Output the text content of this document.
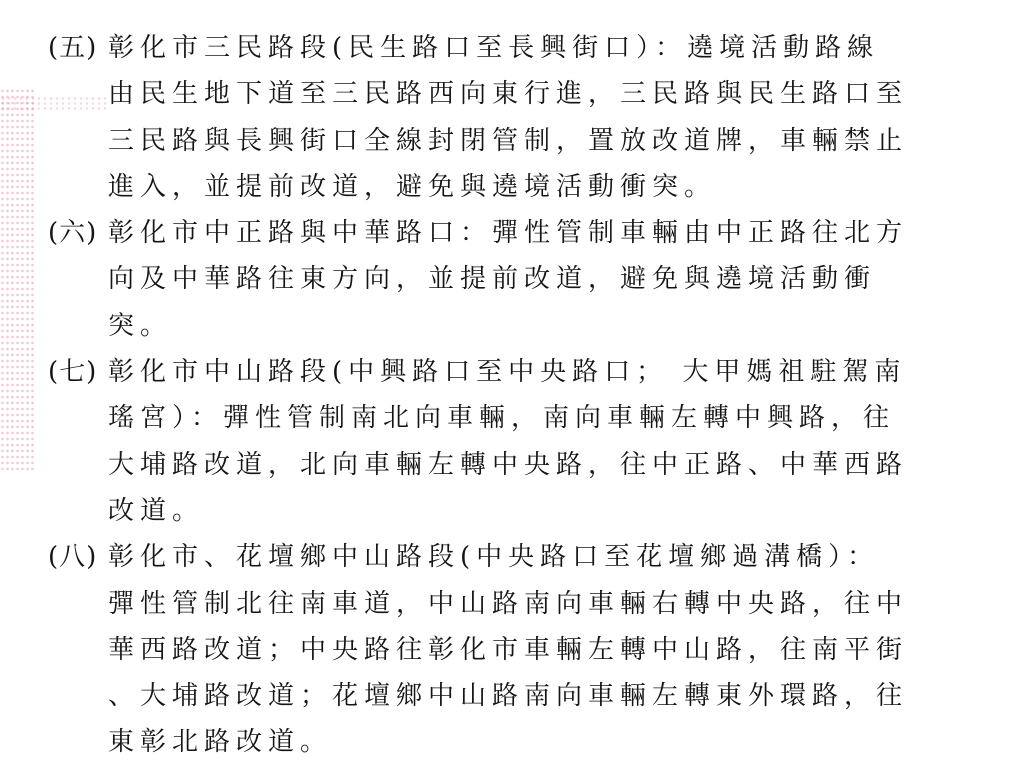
(五) 彰化市三民路段(民生路口至長興街口）：遶境活動路線
由民生地下道至三民路西向東行進，三民路與民生路口至
三民路與長興街口全線封閉管制，置放改道牌，車輛禁止
進入，並提前改道，避免與遶境活動衝突。
(六) 彰化市中正路與中華路口：彈性管制車輛由中正路往北方
向及中華路往東方向，並提前改道，避免與遶境活動衝
突。
(七) 彰化市中山路段(中興路口至中央路口； 大甲媽祖駐駕南
瑤宮）：彈性管制南北向車輛，南向車輛左轉中興路，往
大埔路改道，北向車輛左轉中央路，往中正路、中華西路
改道。
(八) 彰化市、花壇鄉中山路段(中央路口至花壇鄉過溝橋）：
彈性管制北往南車道，中山路南向車輛右轉中央路，往中
華西路改道；中央路往彰化市車輛左轉中山路，往南平街
、大埔路改道；花壇鄉中山路南向車輛左轉東外環路，往
東彰北路改道。
